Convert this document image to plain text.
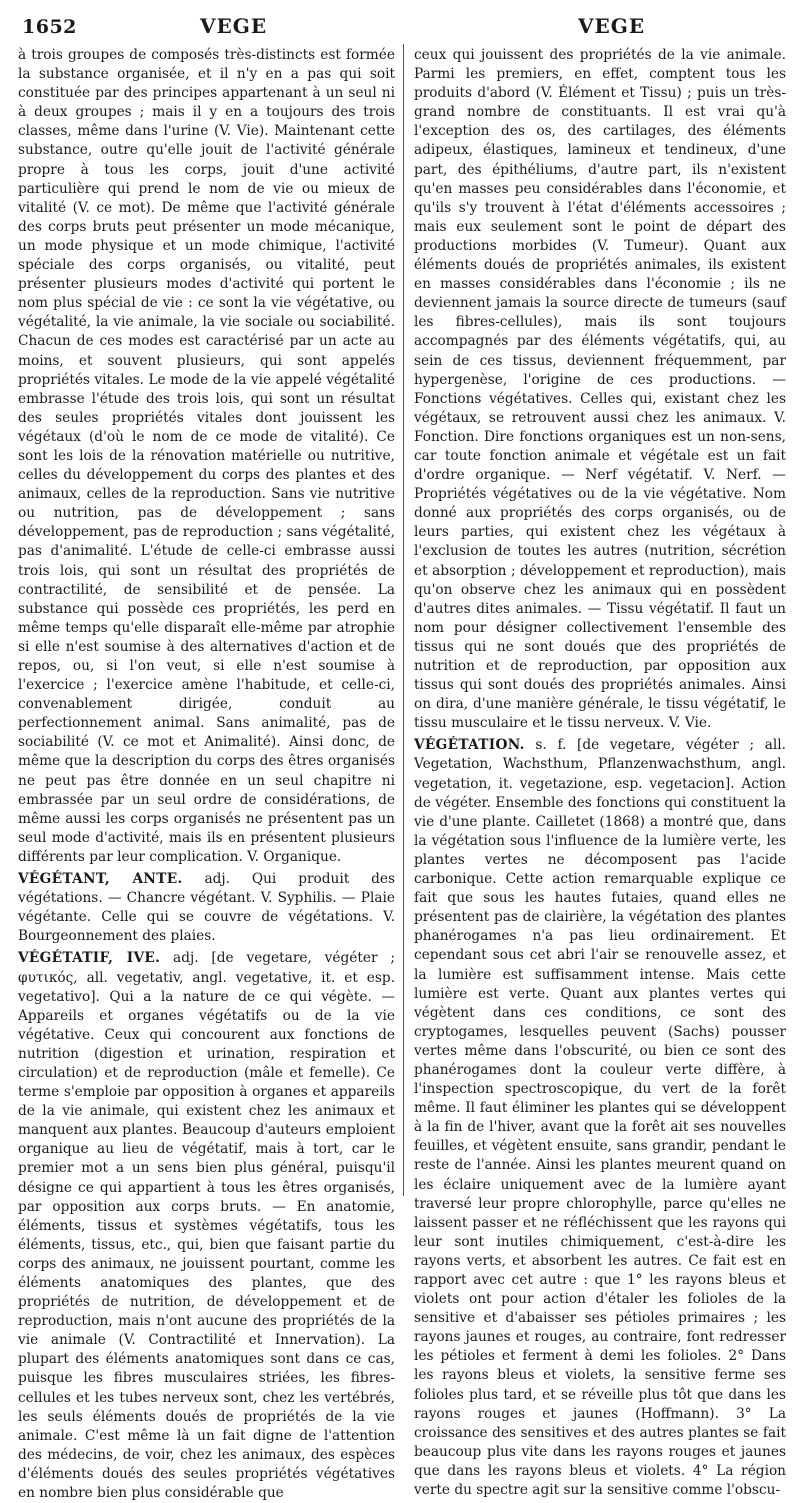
1652	VEGE	VEGE

à trois groupes de composés très-distincts est formée la substance organisée, et il n'y en a pas qui soit constituée par des principes appartenant à un seul ni à deux groupes ; mais il y en a toujours des trois classes, même dans l'urine (V. Vie). Maintenant cette substance, outre qu'elle jouit de l'activité générale propre à tous les corps, jouit d'une activité particulière qui prend le nom de vie ou mieux de vitalité (V. ce mot). De même que l'activité générale des corps bruts peut présenter un mode mécanique, un mode physique et un mode chimique, l'activité spéciale des corps organisés, ou vitalité, peut présenter plusieurs modes d'activité qui portent le nom plus spécial de vie : ce sont la vie végétative, ou végétalité, la vie animale, la vie sociale ou sociabilité. Chacun de ces modes est caractérisé par un acte au moins, et souvent plusieurs, qui sont appelés propriétés vitales. Le mode de la vie appelé végétalité embrasse l'étude des trois lois, qui sont un résultat des seules propriétés vitales dont jouissent les végétaux (d'où le nom de ce mode de vitalité). Ce sont les lois de la rénovation matérielle ou nutritive, celles du développement du corps des plantes et des animaux, celles de la reproduction. Sans vie nutritive ou nutrition, pas de développement ; sans développement, pas de reproduction ; sans végétalité, pas d'animalité. L'étude de celle-ci embrasse aussi trois lois, qui sont un résultat des propriétés de contractilité, de sensibilité et de pensée. La substance qui possède ces propriétés, les perd en même temps qu'elle disparaît elle-même par atrophie si elle n'est soumise à des alternatives d'action et de repos, ou, si l'on veut, si elle n'est soumise à l'exercice ; l'exercice amène l'habitude, et celle-ci, convenablement dirigée, conduit au perfectionnement animal. Sans animalité, pas de sociabilité (V. ce mot et Animalité). Ainsi donc, de même que la description du corps des êtres organisés ne peut pas être donnée en un seul chapitre ni embrassée par un seul ordre de considérations, de même aussi les corps organisés ne présentent pas un seul mode d'activité, mais ils en présentent plusieurs différents par leur complication. V. Organique.

VÉGÉTANT, ANTE. adj. Qui produit des végétations. — Chancre végétant. V. Syphilis. — Plaie végétante. Celle qui se couvre de végétations. V. Bourgeonnement des plaies.

VÉGÉTATIF, IVE. adj. [de vegetare, végéter ; φυτικός, all. vegetativ, angl. vegetative, it. et esp. vegetativo]. Qui a la nature de ce qui végète. — Appareils et organes végétatifs ou de la vie végétative. Ceux qui concourent aux fonctions de nutrition (digestion et urination, respiration et circulation) et de reproduction (mâle et femelle). Ce terme s'emploie par opposition à organes et appareils de la vie animale, qui existent chez les animaux et manquent aux plantes. Beaucoup d'auteurs emploient organique au lieu de végétatif, mais à tort, car le premier mot a un sens bien plus général, puisqu'il désigne ce qui appartient à tous les êtres organisés, par opposition aux corps bruts. — En anatomie, éléments, tissus et systèmes végétatifs, tous les éléments, tissus, etc., qui, bien que faisant partie du corps des animaux, ne jouissent pourtant, comme les éléments anatomiques des plantes, que des propriétés de nutrition, de développement et de reproduction, mais n'ont aucune des propriétés de la vie animale (V. Contractilité et Innervation). La plupart des éléments anatomiques sont dans ce cas, puisque les fibres musculaires striées, les fibres-cellules et les tubes nerveux sont, chez les vertébrés, les seuls éléments doués de propriétés de la vie animale. C'est même là un fait digne de l'attention des médecins, de voir, chez les animaux, des espèces d'éléments doués des seules propriétés végétatives en nombre bien plus considérable que

ceux qui jouissent des propriétés de la vie animale. Parmi les premiers, en effet, comptent tous les produits d'abord (V. Élément et Tissu) ; puis un très-grand nombre de constituants. Il est vrai qu'à l'exception des os, des cartilages, des éléments adipeux, élastiques, lamineux et tendineux, d'une part, des épithéliums, d'autre part, ils n'existent qu'en masses peu considérables dans l'économie, et qu'ils s'y trouvent à l'état d'éléments accessoires ; mais eux seulement sont le point de départ des productions morbides (V. Tumeur). Quant aux éléments doués de propriétés animales, ils existent en masses considérables dans l'économie ; ils ne deviennent jamais la source directe de tumeurs (sauf les fibres-cellules), mais ils sont toujours accompagnés par des éléments végétatifs, qui, au sein de ces tissus, deviennent fréquemment, par hypergenèse, l'origine de ces productions. — Fonctions végétatives. Celles qui, existant chez les végétaux, se retrouvent aussi chez les animaux. V. Fonction. Dire fonctions organiques est un non-sens, car toute fonction animale et végétale est un fait d'ordre organique. — Nerf végétatif. V. Nerf. — Propriétés végétatives ou de la vie végétative. Nom donné aux propriétés des corps organisés, ou de leurs parties, qui existent chez les végétaux à l'exclusion de toutes les autres (nutrition, sécrétion et absorption ; développement et reproduction), mais qu'on observe chez les animaux qui en possèdent d'autres dites animales. — Tissu végétatif. Il faut un nom pour désigner collectivement l'ensemble des tissus qui ne sont doués que des propriétés de nutrition et de reproduction, par opposition aux tissus qui sont doués des propriétés animales. Ainsi on dira, d'une manière générale, le tissu végétatif, le tissu musculaire et le tissu nerveux. V. Vie.

VÉGÉTATION. s. f. [de vegetare, végéter ; all. Vegetation, Wachsthum, Pflanzenwachsthum, angl. vegetation, it. vegetazione, esp. vegetacion]. Action de végéter. Ensemble des fonctions qui constituent la vie d'une plante. Cailletet (1868) a montré que, dans la végétation sous l'influence de la lumière verte, les plantes vertes ne décomposent pas l'acide carbonique. Cette action remarquable explique ce fait que sous les hautes futaies, quand elles ne présentent pas de clairière, la végétation des plantes phanérogames n'a pas lieu ordinairement. Et cependant sous cet abri l'air se renouvelle assez, et la lumière est suffisamment intense. Mais cette lumière est verte. Quant aux plantes vertes qui végètent dans ces conditions, ce sont des cryptogames, lesquelles peuvent (Sachs) pousser vertes même dans l'obscurité, ou bien ce sont des phanérogames dont la couleur verte diffère, à l'inspection spectroscopique, du vert de la forêt même. Il faut éliminer les plantes qui se développent à la fin de l'hiver, avant que la forêt ait ses nouvelles feuilles, et végètent ensuite, sans grandir, pendant le reste de l'année. Ainsi les plantes meurent quand on les éclaire uniquement avec de la lumière ayant traversé leur propre chlorophylle, parce qu'elles ne laissent passer et ne réfléchissent que les rayons qui leur sont inutiles chimiquement, c'est-à-dire les rayons verts, et absorbent les autres. Ce fait est en rapport avec cet autre : que 1° les rayons bleus et violets ont pour action d'étaler les folioles de la sensitive et d'abaisser ses pétioles primaires ; les rayons jaunes et rouges, au contraire, font redresser les pétioles et ferment à demi les folioles. 2° Dans les rayons bleus et violets, la sensitive ferme ses folioles plus tard, et se réveille plus tôt que dans les rayons rouges et jaunes (Hoffmann). 3° La croissance des sensitives et des autres plantes se fait beaucoup plus vite dans les rayons rouges et jaunes que dans les rayons bleus et violets. 4° La région verte du spectre agit sur la sensitive comme l'obscu-
